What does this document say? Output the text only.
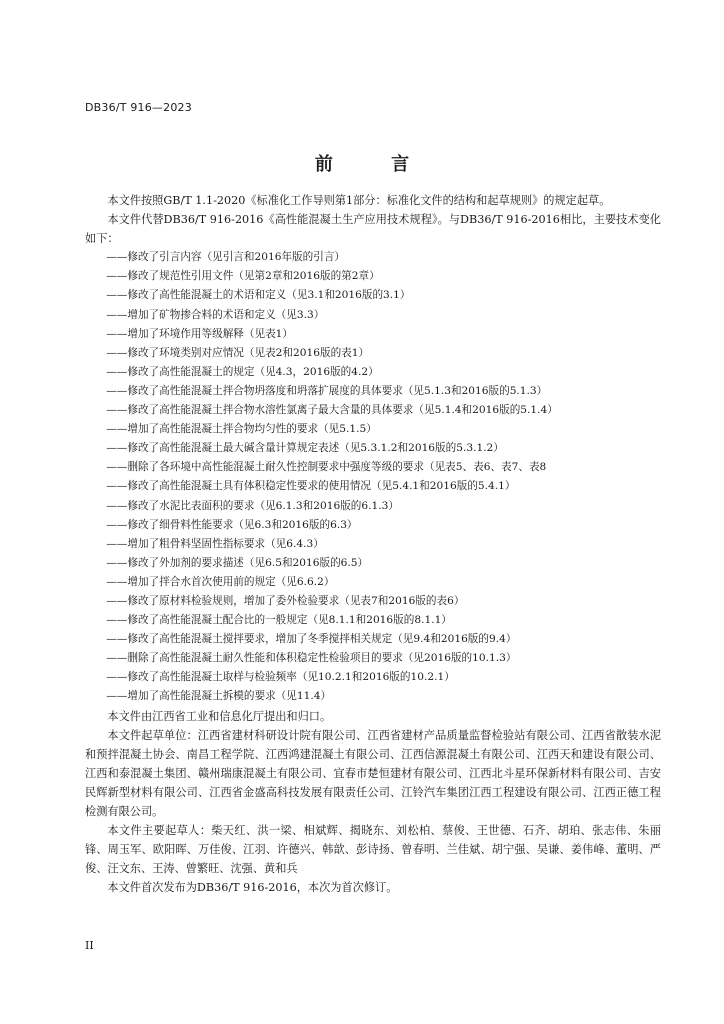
DB36/T 916—2023
前 言

本文件按照GB/T 1.1-2020《标准化工作导则第1部分：标准化文件的结构和起草规则》的规定起草。

本文件代替DB36/T 916-2016《高性能混凝土生产应用技术规程》。与DB36/T 916-2016相比，主要技术变化如下：

——修改了引言内容（见引言和2016年版的引言）

——修改了规范性引用文件（见第2章和2016版的第2章）

——修改了高性能混凝土的术语和定义（见3.1和2016版的3.1）

——增加了矿物掺合料的术语和定义（见3.3）

——增加了环境作用等级解释（见表1）

——修改了环境类别对应情况（见表2和2016版的表1）

——修改了高性能混凝土的规定（见4.3，2016版的4.2）

——修改了高性能混凝土拌合物坍落度和坍落扩展度的具体要求（见5.1.3和2016版的5.1.3）

——修改了高性能混凝土拌合物水溶性氯离子最大含量的具体要求（见5.1.4和2016版的5.1.4）

——增加了高性能混凝土拌合物均匀性的要求（见5.1.5）

——修改了高性能混凝土最大碱含量计算规定表述（见5.3.1.2和2016版的5.3.1.2）

——删除了各环境中高性能混凝土耐久性控制要求中强度等级的要求（见表5、表6、表7、表8

——修改了高性能混凝土具有体积稳定性要求的使用情况（见5.4.1和2016版的5.4.1）

——修改了水泥比表面积的要求（见6.1.3和2016版的6.1.3）

——修改了细骨料性能要求（见6.3和2016版的6.3）

——增加了粗骨料坚固性指标要求（见6.4.3）

——修改了外加剂的要求描述（见6.5和2016版的6.5）

——增加了拌合水首次使用前的规定（见6.6.2）

——修改了原材料检验规则，增加了委外检验要求（见表7和2016版的表6）

——修改了高性能混凝土配合比的一般规定（见8.1.1和2016版的8.1.1）

——修改了高性能混凝土搅拌要求，增加了冬季搅拌相关规定（见9.4和2016版的9.4）

——删除了高性能混凝土耐久性能和体积稳定性检验项目的要求（见2016版的10.1.3）

——修改了高性能混凝土取样与检验频率（见10.2.1和2016版的10.2.1）

——增加了高性能混凝土拆模的要求（见11.4）

本文件由江西省工业和信息化厅提出和归口。

本文件起草单位：江西省建材科研设计院有限公司、江西省建材产品质量监督检验站有限公司、江西省散装水泥和预拌混凝土协会、南昌工程学院、江西鸿建混凝土有限公司、江西信源混凝土有限公司、江西天和建设有限公司、江西和泰混凝土集团、赣州瑞康混凝土有限公司、宜春市楚恒建材有限公司、江西北斗星环保新材料有限公司、吉安民辉新型材料有限公司、江西省金盛高科技发展有限责任公司、江铃汽车集团江西工程建设有限公司、江西正德工程检测有限公司。

本文件主要起草人：柴天红、洪一梁、相斌辉、揭晓东、刘松柏、蔡俊、王世德、石齐、胡珀、张志伟、朱丽锋、周玉军、欧阳晖、万佳俊、江羽、许德兴、韩歆、彭诗扬、曾春明、兰佳斌、胡宁强、吴谦、姜伟峰、董明、严俊、汪文东、王涛、曾繁旺、沈强、黄和兵

本文件首次发布为DB36/T 916-2016，本次为首次修订。

II
